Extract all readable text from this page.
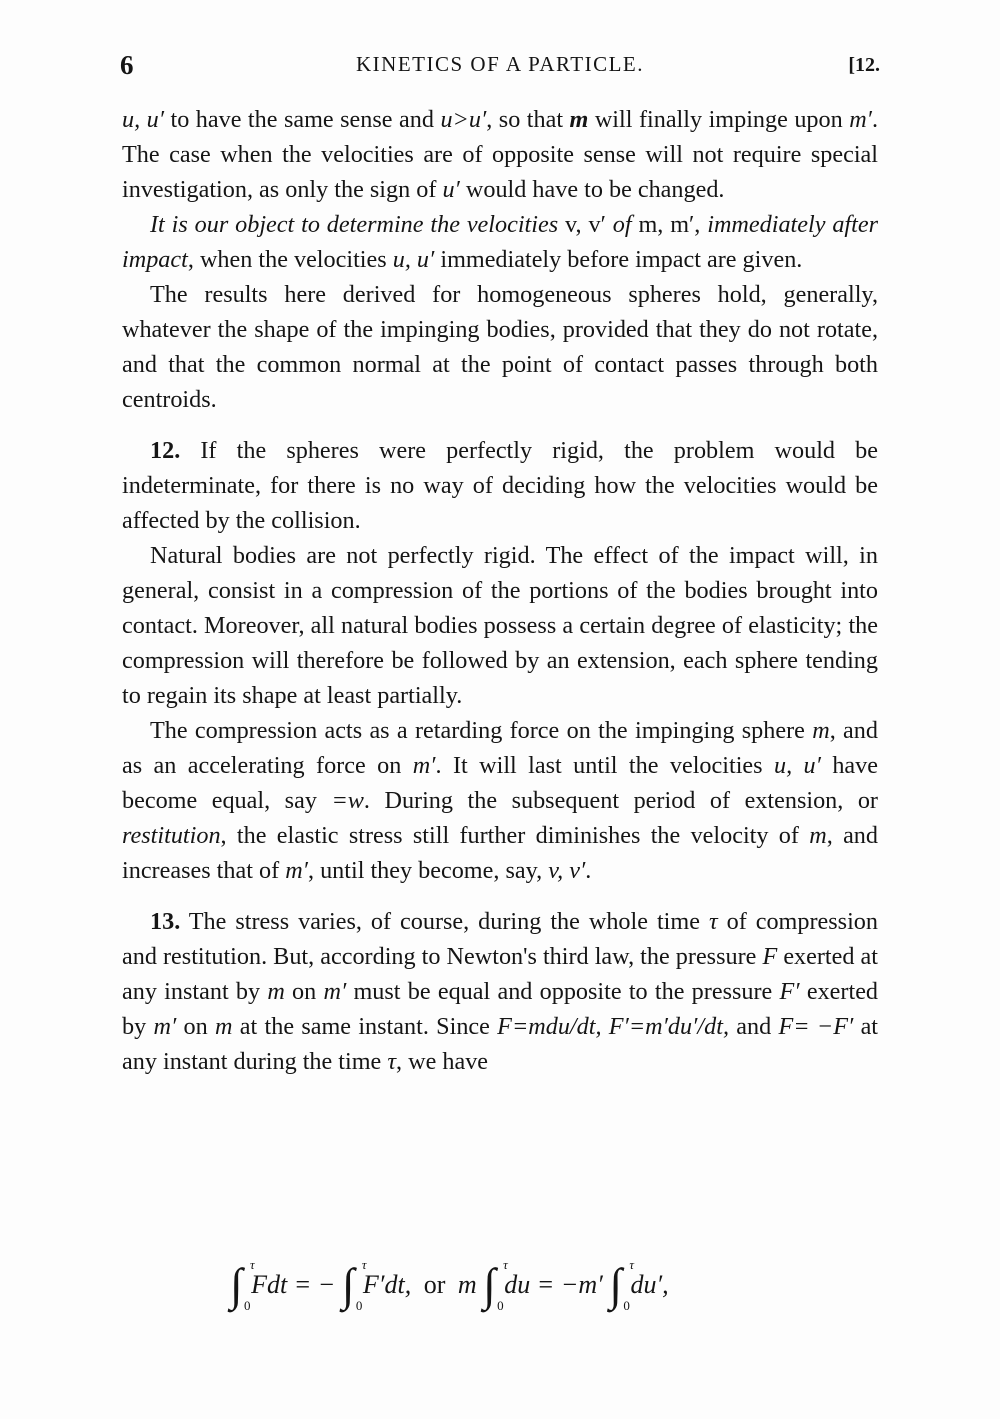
6	KINETICS OF A PARTICLE.	[12.

u, u′ to have the same sense and u>u′, so that m will finally impinge upon m′. The case when the velocities are of opposite sense will not require special investigation, as only the sign of u′ would have to be changed.

It is our object to determine the velocities v, v′ of m, m′, immediately after impact, when the velocities u, u′ immediately before impact are given.

The results here derived for homogeneous spheres hold, generally, whatever the shape of the impinging bodies, provided that they do not rotate, and that the common normal at the point of contact passes through both centroids.

12. If the spheres were perfectly rigid, the problem would be indeterminate, for there is no way of deciding how the velocities would be affected by the collision.

Natural bodies are not perfectly rigid. The effect of the impact will, in general, consist in a compression of the portions of the bodies brought into contact. Moreover, all natural bodies possess a certain degree of elasticity; the compression will therefore be followed by an extension, each sphere tending to regain its shape at least partially.

The compression acts as a retarding force on the impinging sphere m, and as an accelerating force on m′. It will last until the velocities u, u′ have become equal, say =w. During the subsequent period of extension, or restitution, the elastic stress still further diminishes the velocity of m, and increases that of m′, until they become, say, v, v′.

13. The stress varies, of course, during the whole time τ of compression and restitution. But, according to Newton's third law, the pressure F exerted at any instant by m on m′ must be equal and opposite to the pressure F′ exerted by m′ on m at the same instant. Since F=mdu/dt, F′=m′du′/dt, and F= −F′ at any instant during the time τ, we have

∫ τ
0
Fdt = − ∫ τ
0
F′dt, or m ∫ τ
0
du = −m′ ∫ τ
0
du′,
